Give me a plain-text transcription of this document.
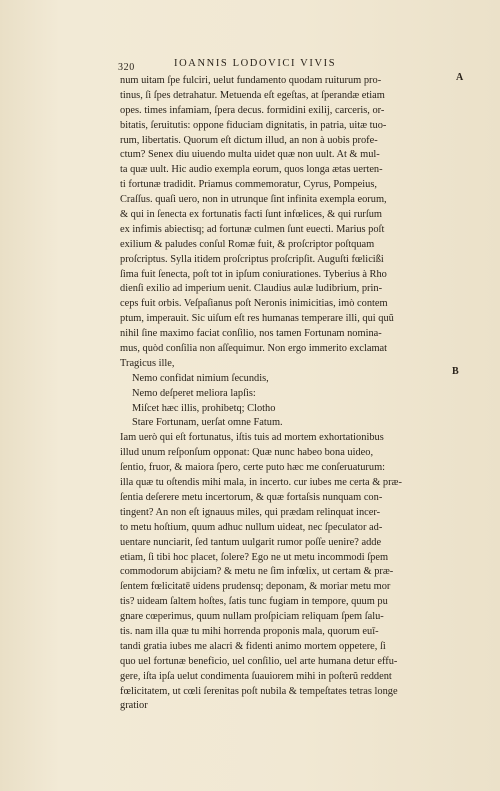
320	IOANNIS LODOVICI VIVIS
A
B
num uitam ſpe fulciri, uelut fundamento quodam ruiturum pro-
tinus, ſi ſpes detrahatur. Metuenda eſt egeſtas, at ſperandæ etiam
opes. times infamiam, ſpera decus. formidini exilij, carceris, or-
bitatis, ſeruitutis: oppone fiduciam dignitatis, in patria, uitæ tuo-
rum, libertatis. Quorum eſt dictum illud, an non à uobis profe-
ctum? Senex diu uiuendo multa uidet quæ non uult. At & mul-
ta quæ uult. Hic audio exempla eorum, quos longa ætas uerten-
ti fortunæ tradidit. Priamus commemoratur, Cyrus, Pompeius,
Craſſus. quaſi uero, non in utrunque ſint infinita exempla eorum,
& qui in ſenecta ex fortunatis facti ſunt infœlices, & qui rurſum
ex infimis abiectisq; ad fortunæ culmen ſunt euecti. Marius poſt
exilium & paludes conſul Romæ fuit, & proſcriptor poſtquam
proſcriptus. Sylla itidem proſcriptus proſcripſit. Auguſti fœlicißi
ſima fuit ſenecta, poſt tot in ipſum coniurationes. Tyberius à Rho
dienſi exilio ad imperium uenit. Claudius aulæ ludibrium, prin-
ceps fuit orbis. Veſpaſianus poſt Neronis inimicitias, imò contem
ptum, imperauit. Sic uiſum eſt res humanas temperare illi, qui quũ
nihil ſine maximo faciat conſilio, nos tamen Fortunam nomina-
mus, quòd conſilia non aſſequimur. Non ergo immerito exclamat
Tragicus ille,
Nemo confidat nimium ſecundis,
Nemo deſperet meliora lapſis:
Miſcet hæc illis, prohibetq; Clotho
Stare Fortunam, uerſat omne Fatum.
Iam uerò qui eſt fortunatus, iſtis tuis ad mortem exhortationibus
illud unum reſponſum opponat: Quæ nunc habeo bona uideo,
ſentio, fruor, & maiora ſpero, certe puto hæc me conſeruaturum:
illa quæ tu oſtendis mihi mala, in incerto. cur iubes me certa & præ-
ſentia deſerere metu incertorum, & quæ fortaſsis nunquam con-
tingent? An non eſt ignauus miles, qui prædam relinquat incer-
to metu hoſtium, quum adhuc nullum uideat, nec ſpeculator ad-
uentare nunciarit, ſed tantum uulgarit rumor poſſe uenire? adde
etiam, ſi tibi hoc placet, ſolere? Ego ne ut metu incommodi ſpem
commodorum abijciam? & metu ne ſim infœlix, ut certam & præ-
ſentem fœlicitatē uidens prudensq; deponam, & moriar metu mor
tis? uideam ſaltem hoſtes, ſatis tunc fugiam in tempore, quum pu
gnare cœperimus, quum nullam proſpiciam reliquam ſpem ſalu-
tis. nam illa quæ tu mihi horrenda proponis mala, quorum euī-
tandi gratia iubes me alacri & fidenti animo mortem oppetere, ſi
quo uel fortunæ beneficio, uel conſilio, uel arte humana detur effu-
gere, iſta ipſa uelut condimenta ſuauiorem mihi in poſterũ reddent
fœlicitatem, ut cœli ſerenitas poſt nubila & tempeſtates tetras longe
gratior
